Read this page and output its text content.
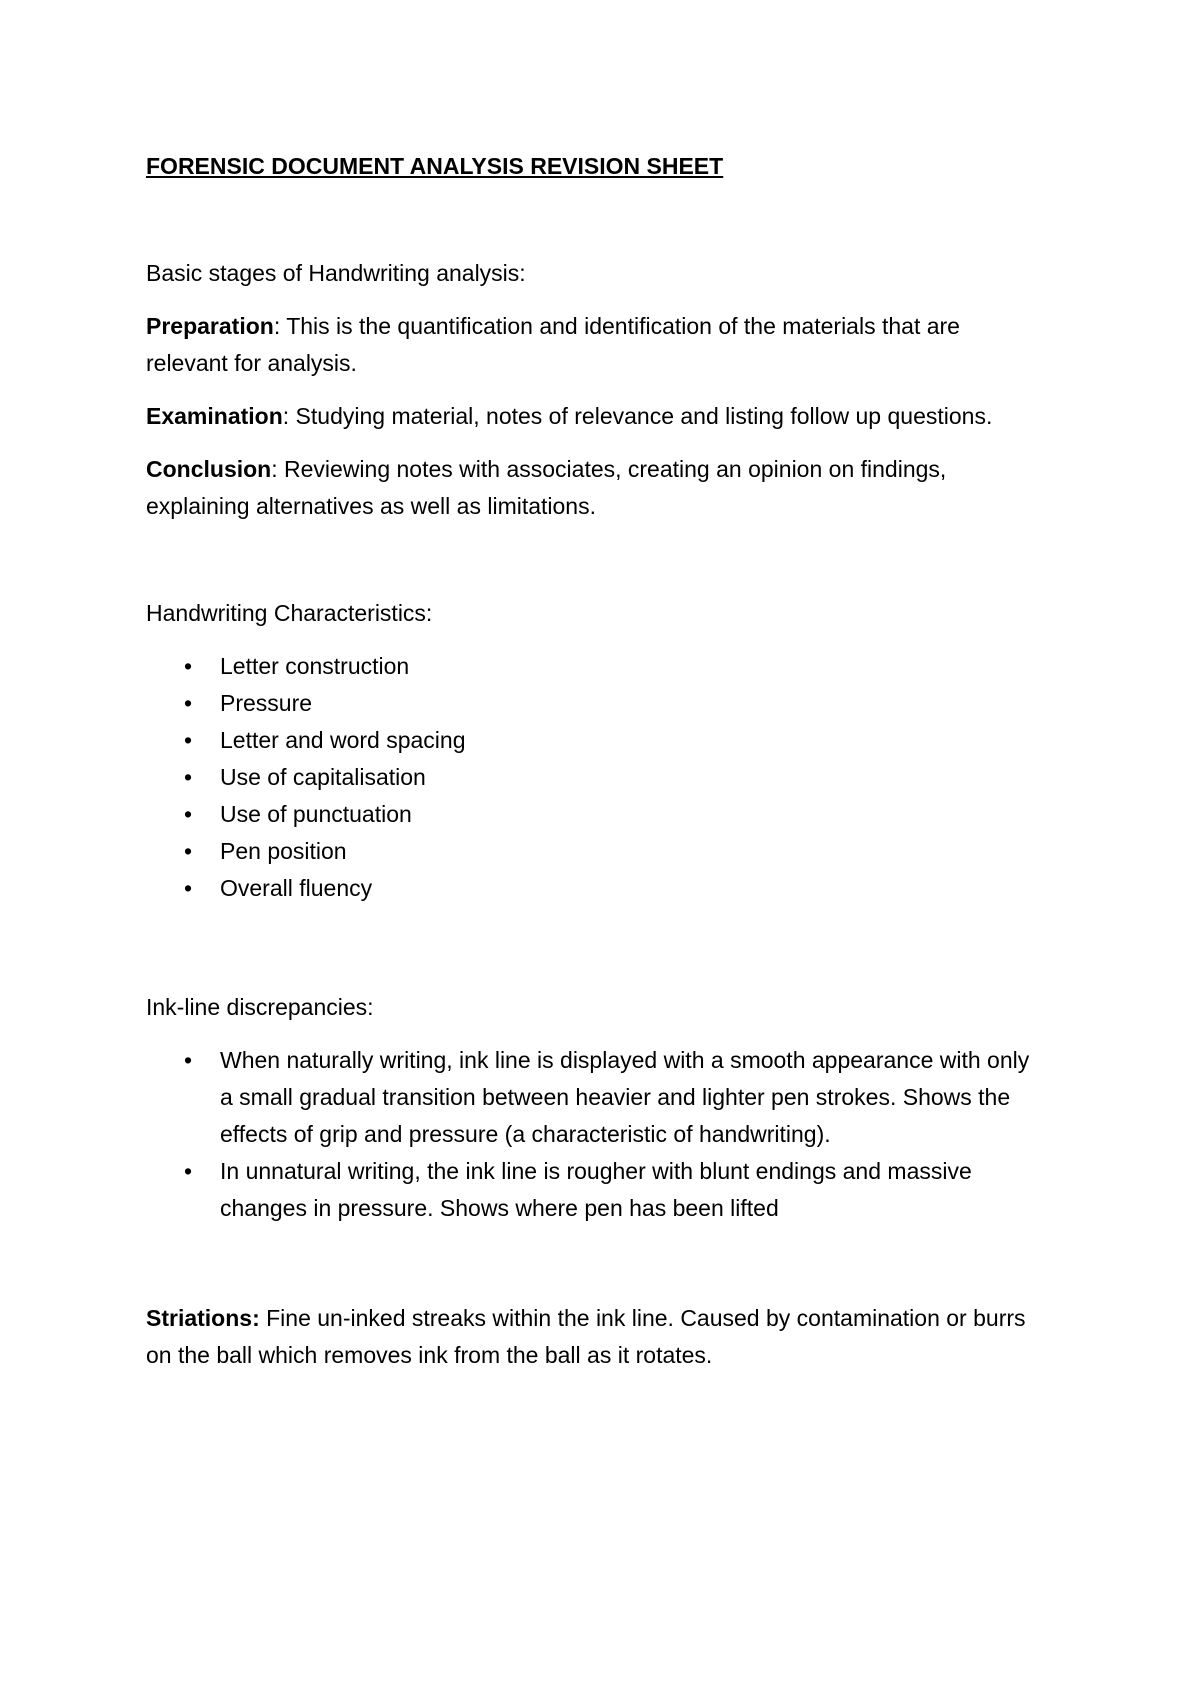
FORENSIC DOCUMENT ANALYSIS REVISION SHEET

Basic stages of Handwriting analysis:

Preparation: This is the quantification and identification of the materials that are relevant for analysis.

Examination: Studying material, notes of relevance and listing follow up questions.

Conclusion: Reviewing notes with associates, creating an opinion on findings, explaining alternatives as well as limitations.

Handwriting Characteristics:

• Letter construction
• Pressure
• Letter and word spacing
• Use of capitalisation
• Use of punctuation
• Pen position
• Overall fluency

Ink-line discrepancies:

• When naturally writing, ink line is displayed with a smooth appearance with only a small gradual transition between heavier and lighter pen strokes. Shows the effects of grip and pressure (a characteristic of handwriting).
• In unnatural writing, the ink line is rougher with blunt endings and massive changes in pressure. Shows where pen has been lifted

Striations: Fine un-inked streaks within the ink line. Caused by contamination or burrs on the ball which removes ink from the ball as it rotates.
